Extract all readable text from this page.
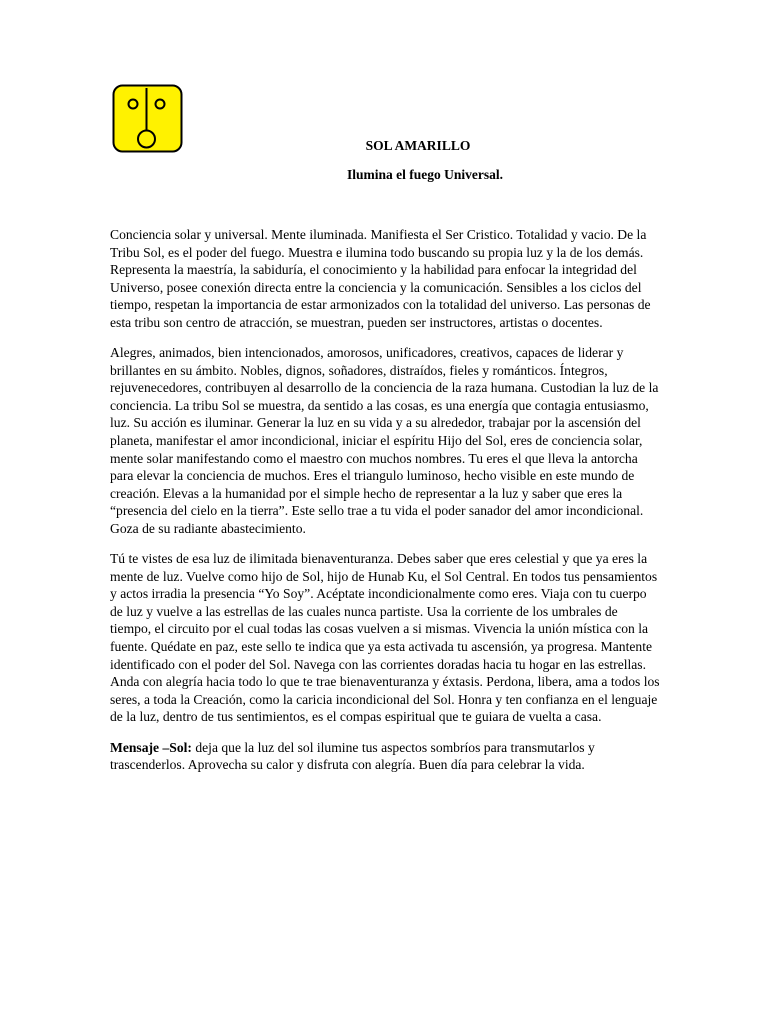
SOL AMARILLO
Ilumina el fuego Universal.

Conciencia solar y universal. Mente iluminada. Manifiesta el Ser Cristico. Totalidad y vacio. De la Tribu Sol, es el poder del fuego. Muestra e ilumina todo buscando su propia luz y la de los demás. Representa la maestría, la sabiduría, el conocimiento y la habilidad para enfocar la integridad del Universo, posee conexión directa entre la conciencia y la comunicación. Sensibles a los ciclos del tiempo, respetan la importancia de estar armonizados con la totalidad del universo. Las personas de esta tribu son centro de atracción, se muestran, pueden ser instructores, artistas o docentes.

Alegres, animados, bien intencionados, amorosos, unificadores, creativos, capaces de liderar y brillantes en su ámbito. Nobles, dignos, soñadores, distraídos, fieles y románticos. Íntegros, rejuvenecedores, contribuyen al desarrollo de la conciencia de la raza humana. Custodian la luz de la conciencia. La tribu Sol se muestra, da sentido a las cosas, es una energía que contagia entusiasmo, luz. Su acción es iluminar. Generar la luz en su vida y a su alrededor, trabajar por la ascensión del planeta, manifestar el amor incondicional, iniciar el espíritu Hijo del Sol, eres de conciencia solar, mente solar manifestando como el maestro con muchos nombres. Tu eres el que lleva la antorcha para elevar la conciencia de muchos. Eres el triangulo luminoso, hecho visible en este mundo de creación. Elevas a la humanidad por el simple hecho de representar a la luz y saber que eres la “presencia del cielo en la tierra”. Este sello trae a tu vida el poder sanador del amor incondicional. Goza de su radiante abastecimiento.

Tú te vistes de esa luz de ilimitada bienaventuranza. Debes saber que eres celestial y que ya eres la mente de luz. Vuelve como hijo de Sol, hijo de Hunab Ku, el Sol Central. En todos tus pensamientos y actos irradia la presencia “Yo Soy”. Acéptate incondicionalmente como eres. Viaja con tu cuerpo de luz y vuelve a las estrellas de las cuales nunca partiste. Usa la corriente de los umbrales de tiempo, el circuito por el cual todas las cosas vuelven a si mismas. Vivencia la unión mística con la fuente. Quédate en paz, este sello te indica que ya esta activada tu ascensión, ya progresa. Mantente identificado con el poder del Sol. Navega con las corrientes doradas hacia tu hogar en las estrellas. Anda con alegría hacia todo lo que te trae bienaventuranza y éxtasis. Perdona, libera, ama a todos los seres, a toda la Creación, como la caricia incondicional del Sol. Honra y ten confianza en el lenguaje de la luz, dentro de tus sentimientos, es el compas espiritual que te guiara de vuelta a casa.

Mensaje –Sol: deja que la luz del sol ilumine tus aspectos sombríos para transmutarlos y trascenderlos. Aprovecha su calor y disfruta con alegría. Buen día para celebrar la vida.
